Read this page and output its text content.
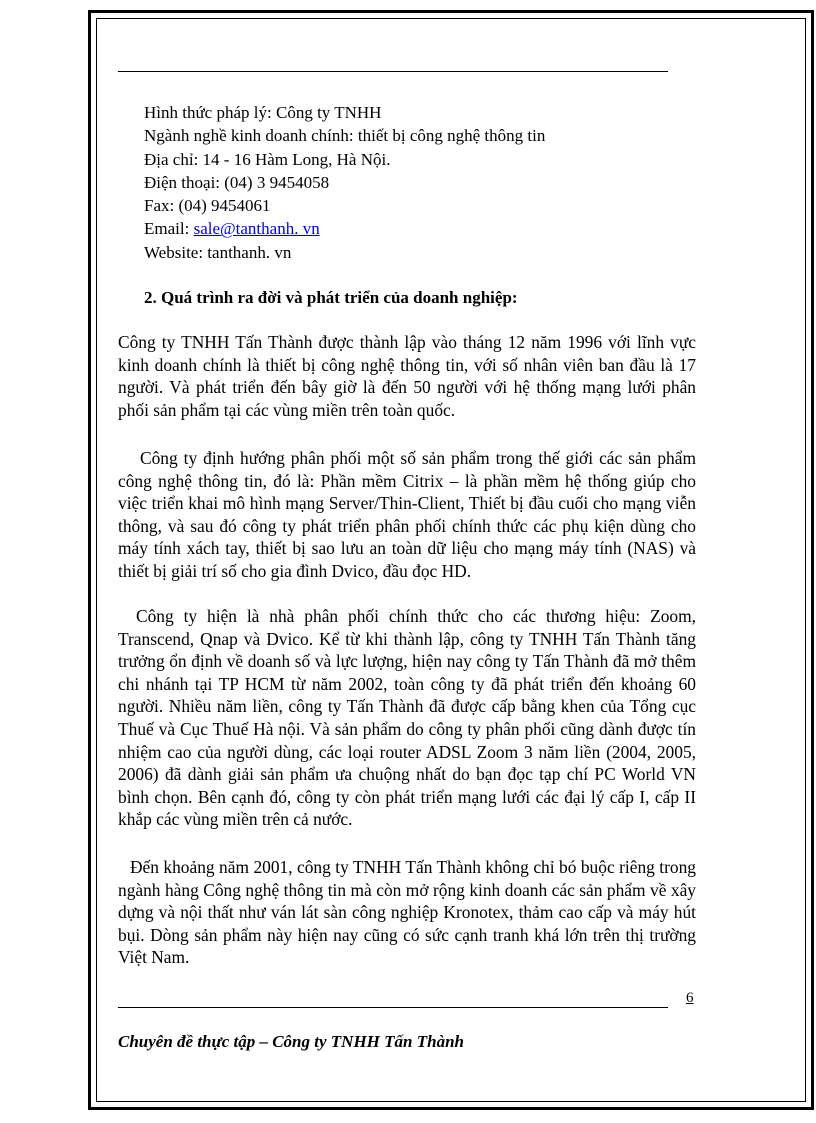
Hình thức pháp lý: Công ty TNHH
Ngành nghề kinh doanh chính: thiết bị công nghệ thông tin
Địa chỉ: 14 - 16 Hàm Long, Hà Nội.
Điện thoại: (04) 3 9454058
Fax: (04) 9454061
Email: sale@tanthanh. vn
Website: tanthanh. vn
2. Quá trình ra đời và phát triển của doanh nghiệp:

Công ty TNHH Tấn Thành được thành lập vào tháng 12 năm 1996 với lĩnh vực kinh doanh chính là thiết bị công nghệ thông tin, với số nhân viên ban đầu là 17 người. Và phát triển đến bây giờ là đến 50 người với hệ thống mạng lưới phân phối sản phẩm tại các vùng miền trên toàn quốc.

Công ty định hướng phân phối một số sản phẩm trong thế giới các sản phẩm công nghệ thông tin, đó là: Phần mềm Citrix – là phần mềm hệ thống giúp cho việc triển khai mô hình mạng Server/Thin-Client, Thiết bị đầu cuối cho mạng viễn thông, và sau đó công ty phát triển phân phối chính thức các phụ kiện dùng cho máy tính xách tay, thiết bị sao lưu an toàn dữ liệu cho mạng máy tính (NAS) và thiết bị giải trí số cho gia đình Dvico, đầu đọc HD.

Công ty hiện là nhà phân phối chính thức cho các thương hiệu: Zoom, Transcend, Qnap và Dvico. Kể từ khi thành lập, công ty TNHH Tấn Thành tăng trưởng ổn định về doanh số và lực lượng, hiện nay công ty Tấn Thành đã mở thêm chi nhánh tại TP HCM từ năm 2002, toàn công ty đã phát triển đến khoảng 60 người. Nhiều năm liền, công ty Tấn Thành đã được cấp bằng khen của Tổng cục Thuế và Cục Thuế Hà nội. Và sản phẩm do công ty phân phối cũng dành được tín nhiệm cao của người dùng, các loại router ADSL Zoom 3 năm liền (2004, 2005, 2006) đã dành giải sản phẩm ưa chuộng nhất do bạn đọc tạp chí PC World VN bình chọn. Bên cạnh đó, công ty còn phát triển mạng lưới các đại lý cấp I, cấp II khắp các vùng miền trên cả nước.

Đến khoảng năm 2001, công ty TNHH Tấn Thành không chỉ bó buộc riêng trong ngành hàng Công nghệ thông tin mà còn mở rộng kinh doanh các sản phẩm về xây dựng và nội thất như ván lát sàn công nghiệp Kronotex, thảm cao cấp và máy hút bụi. Dòng sản phẩm này hiện nay cũng có sức cạnh tranh khá lớn trên thị trường Việt Nam.

6
Chuyên đề thực tập – Công ty TNHH Tấn Thành
